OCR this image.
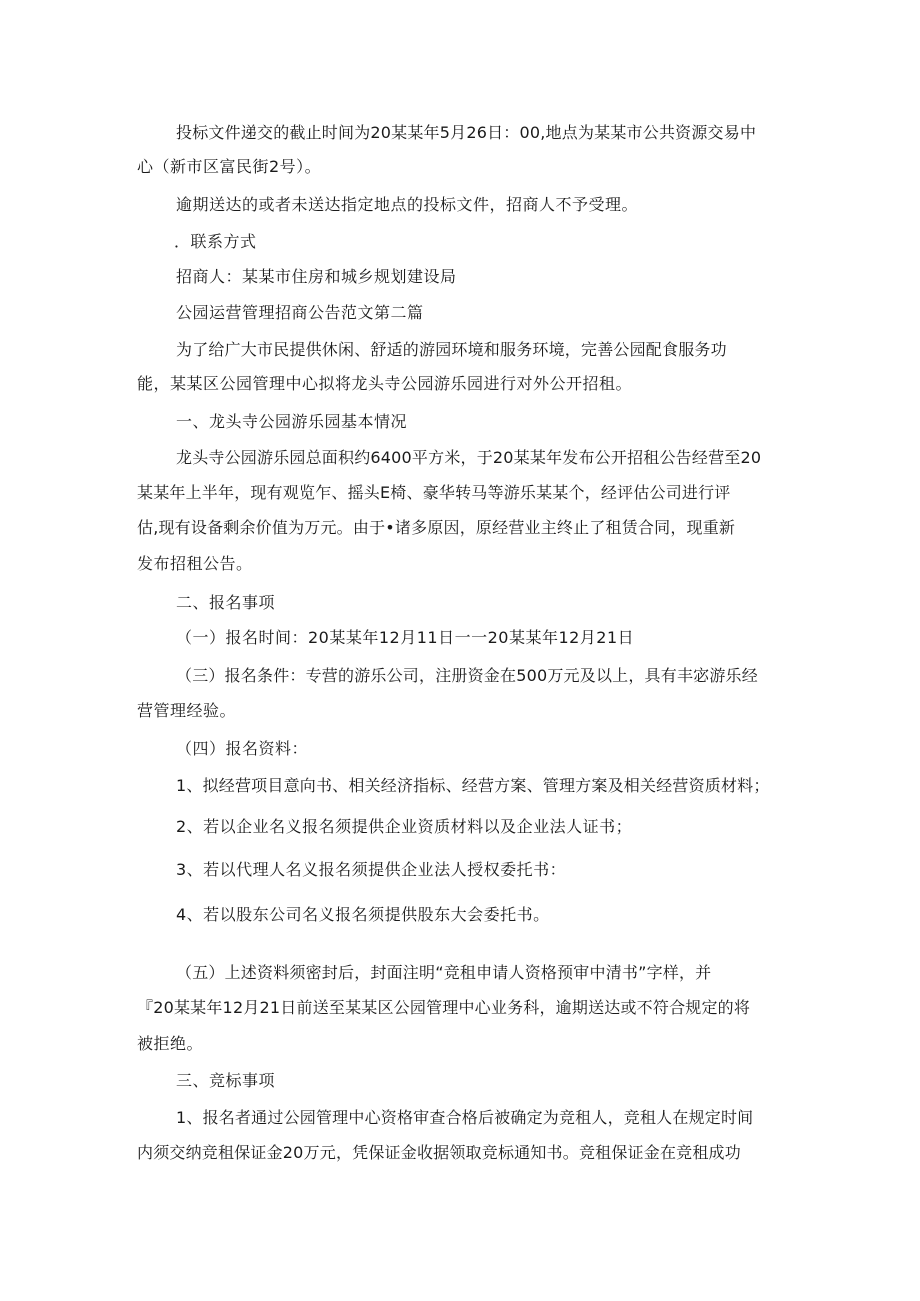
投标文件递交的截止时间为20某某年5月26日：00,地点为某某市公共资源交易中
心（新市区富民街2号）。
逾期送达的或者未送达指定地点的投标文件，招商人不予受理。
．联系方式
招商人：某某市住房和城乡规划建设局
公园运营管理招商公告范文第二篇
为了给广大市民提供休闲、舒适的游园环境和服务环境，完善公园配食服务功
能，某某区公园管理中心拟将龙头寺公园游乐园进行对外公开招租。
一、龙头寺公园游乐园基本情况
龙头寺公园游乐园总面积约6400平方米，于20某某年发布公开招租公告经营至20
某某年上半年，现有观览乍、摇头E椅、豪华转马等游乐某某个，经评估公司进行评
估,现有设备剩余价值为万元。由于•诸多原因，原经营业主终止了租赁合同，现重新
发布招租公告。
二、报名事项
（一）报名时间：20某某年12月11日一一20某某年12月21日
（三）报名条件：专营的游乐公司，注册资金在500万元及以上，具有丰宓游乐经
营管理经验。
（四）报名资料：
1、拟经营项目意向书、相关经济指标、经营方案、管理方案及相关经营资质材料；
2、若以企业名义报名须提供企业资质材料以及企业法人证书；
3、若以代理人名义报名须提供企业法人授权委托书：
4、若以股东公司名义报名须提供股东大会委托书。
（五）上述资料须密封后，封面注明“竞租申请人资格预审中清书”字样，并
『20某某年12月21日前送至某某区公园管理中心业务科，逾期送达或不符合规定的将
被拒绝。
三、竞标事项
1、报名者通过公园管理中心资格审查合格后被确定为竞租人，竞租人在规定时间
内须交纳竞租保证金20万元，凭保证金收据领取竞标通知书。竞租保证金在竞租成功
